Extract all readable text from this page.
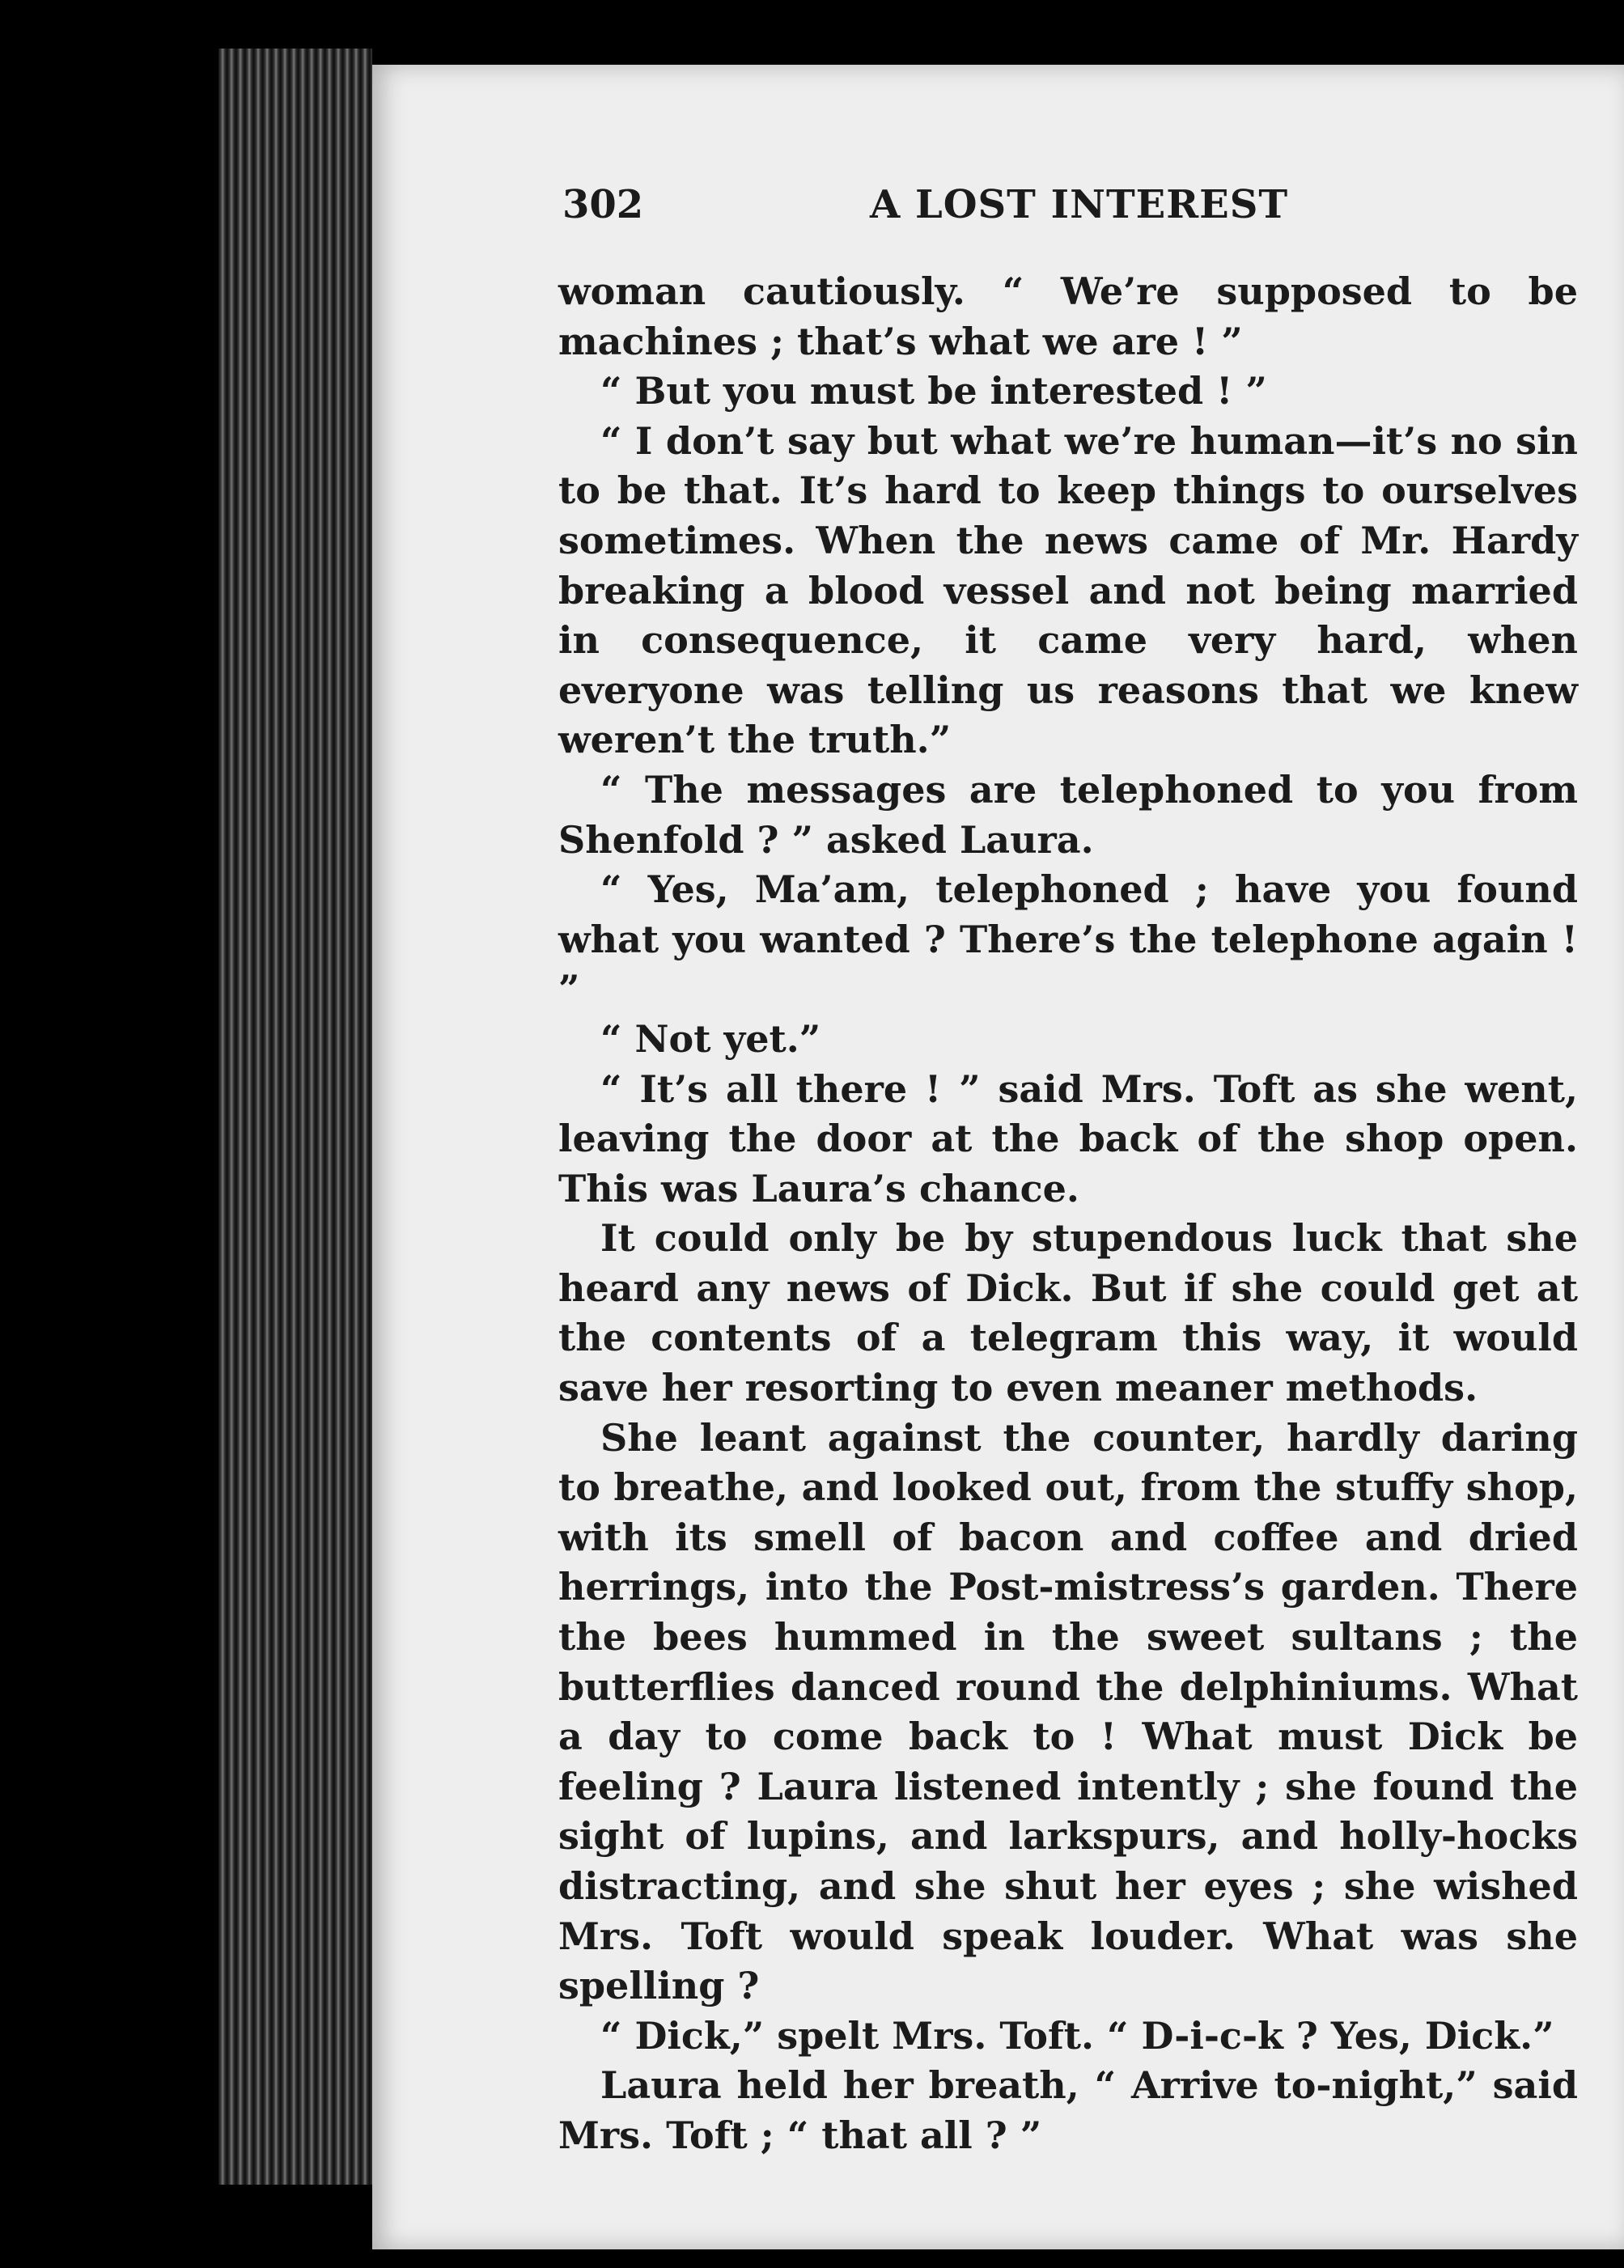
302	A LOST INTEREST

woman cautiously. “ We’re supposed to be machines ; that’s what we are ! ”

“ But you must be interested ! ”

“ I don’t say but what we’re human—it’s no sin to be that. It’s hard to keep things to ourselves sometimes. When the news came of Mr. Hardy breaking a blood vessel and not being married in consequence, it came very hard, when everyone was telling us reasons that we knew weren’t the truth.”

“ The messages are telephoned to you from Shenfold ? ” asked Laura.

“ Yes, Ma’am, telephoned ; have you found what you wanted ? There’s the telephone again ! ”

“ Not yet.”

“ It’s all there ! ” said Mrs. Toft as she went, leaving the door at the back of the shop open. This was Laura’s chance.

It could only be by stupendous luck that she heard any news of Dick. But if she could get at the contents of a telegram this way, it would save her resorting to even meaner methods.

She leant against the counter, hardly daring to breathe, and looked out, from the stuffy shop, with its smell of bacon and coffee and dried herrings, into the Post-mistress’s garden. There the bees hummed in the sweet sultans ; the butterflies danced round the delphiniums. What a day to come back to ! What must Dick be feeling ? Laura listened intently ; she found the sight of lupins, and larkspurs, and holly-hocks distracting, and she shut her eyes ; she wished Mrs. Toft would speak louder. What was she spelling ?

“ Dick,” spelt Mrs. Toft. “ D-i-c-k ? Yes, Dick.”

Laura held her breath, “ Arrive to-night,” said Mrs. Toft ; “ that all ? ”
